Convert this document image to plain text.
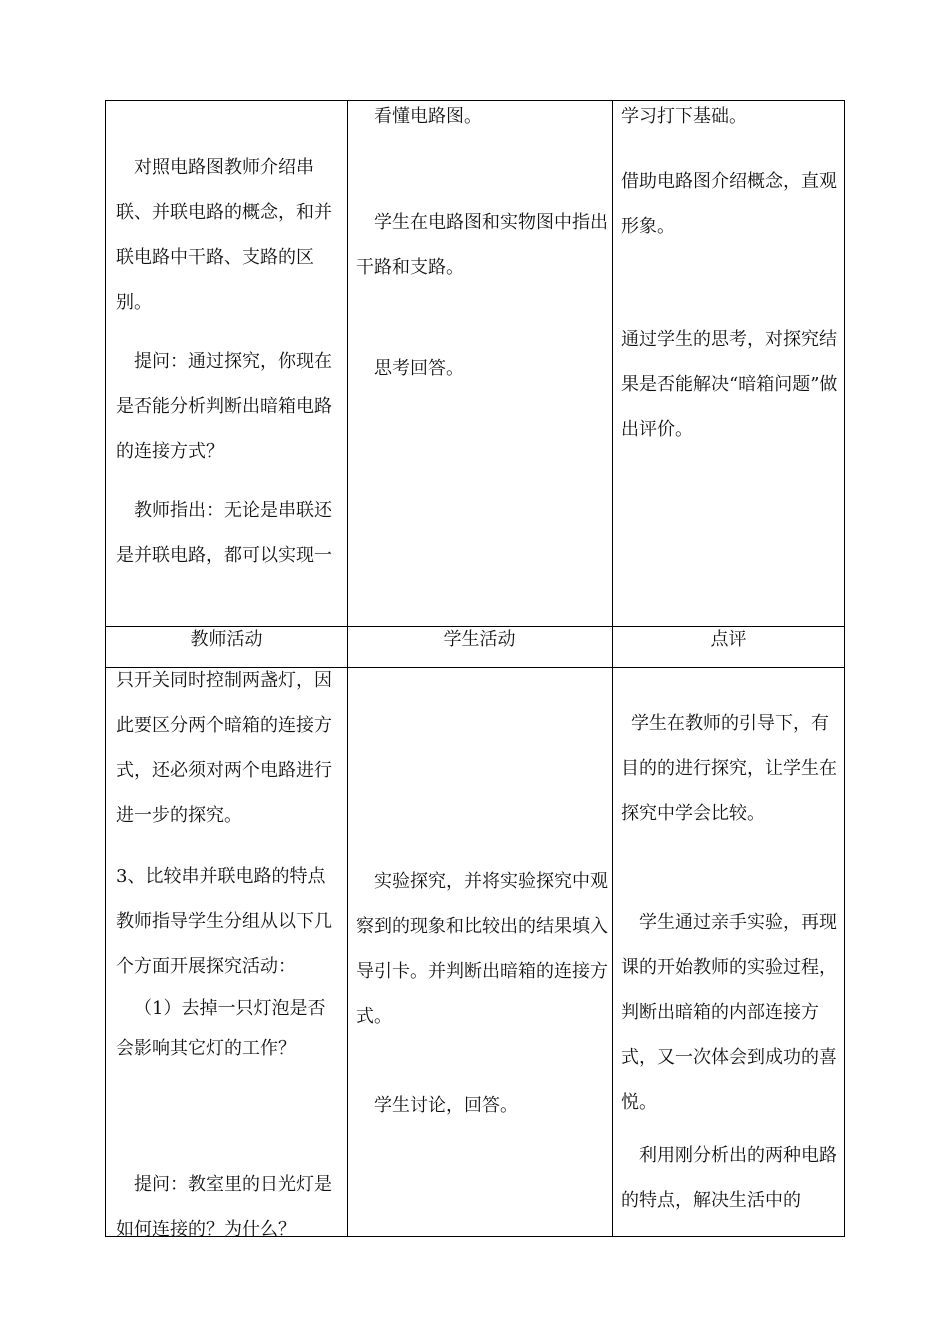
对照电路图教师介绍串联、并联电路的概念，和并联电路中干路、支路的区别。

提问：通过探究，你现在是否能分析判断出暗箱电路的连接方式？

教师指出：无论是串联还是并联电路，都可以实现一

看懂电路图。

学生在电路图和实物图中指出干路和支路。

思考回答。

学习打下基础。

借助电路图介绍概念，直观形象。

通过学生的思考，对探究结果是否能解决“暗箱问题”做出评价。

教师活动	学生活动	点评

只开关同时控制两盏灯，因此要区分两个暗箱的连接方式，还必须对两个电路进行进一步的探究。

3、比较串并联电路的特点

教师指导学生分组从以下几个方面开展探究活动：

（1）去掉一只灯泡是否会影响其它灯的工作？

提问：教室里的日光灯是如何连接的？为什么？

实验探究，并将实验探究中观察到的现象和比较出的结果填入导引卡。并判断出暗箱的连接方式。

学生讨论，回答。

学生在教师的引导下，有目的的进行探究，让学生在探究中学会比较。

学生通过亲手实验，再现课的开始教师的实验过程，判断出暗箱的内部连接方式，又一次体会到成功的喜悦。

利用刚分析出的两种电路的特点，解决生活中的
